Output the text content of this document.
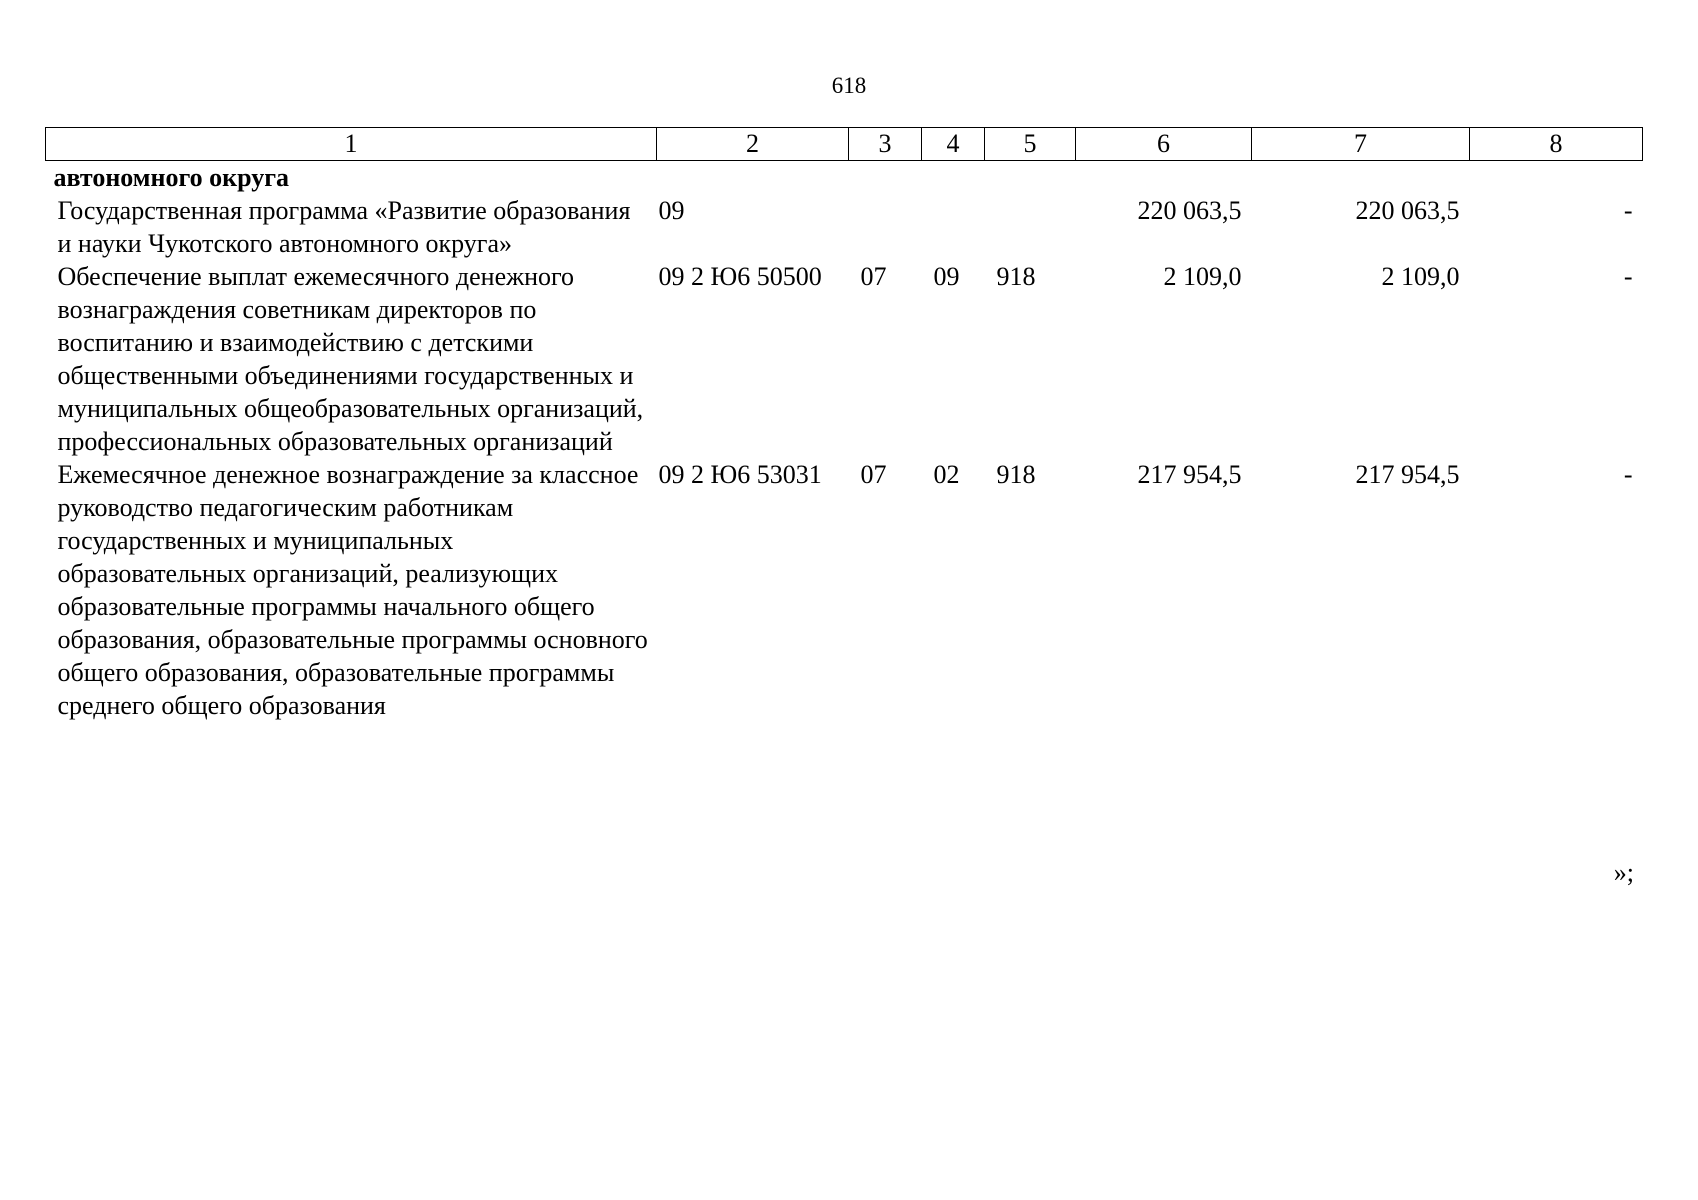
618
1	2	3	4	5	6	7	8
автономного округа							
Государственная программа «Развитие образования и науки Чукотского автономного округа»	09				220 063,5	220 063,5	-
Обеспечение выплат ежемесячного денежного вознаграждения советникам директоров по воспитанию и взаимодействию с детскими общественными объединениями государственных и муниципальных общеобразовательных организаций, профессиональных образовательных организаций	09 2 Ю6 50500	07	09	918	2 109,0	2 109,0	-
Ежемесячное денежное вознаграждение за классное руководство педагогическим работникам государственных и муниципальных образовательных организаций, реализующих образовательные программы начального общего образования, образовательные программы основного общего образования, образовательные программы среднего общего образования	09 2 Ю6 53031	07	02	918	217 954,5	217 954,5	-
»;
